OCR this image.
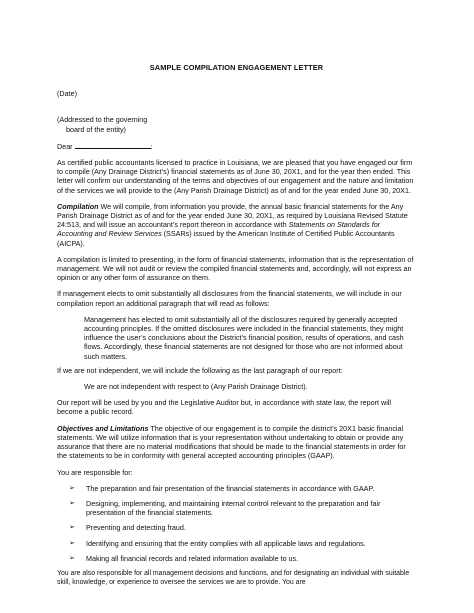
SAMPLE COMPILATION ENGAGEMENT LETTER

(Date)

(Addressed to the governing

board of the entity)

Dear	:

As certified public accountants licensed to practice in Louisiana, we are pleased that you have engaged our firm to compile (Any Drainage District’s) financial statements as of June 30, 20X1, and for the year then ended. This letter will confirm our understanding of the terms and objectives of our engagement and the nature and limitation of the services we will provide to the (Any Parish Drainage District) as of and for the year ended June 30, 20X1.

Compilation We will compile, from information you provide, the annual basic financial statements for the Any Parish Drainage District as of and for the year ended June 30, 20X1, as required by Louisiana Revised Statute 24:513, and will issue an accountant’s report thereon in accordance with Statements on Standards for Accounting and Review Services (SSARs) issued by the American Institute of Certified Public Accountants (AICPA).

A compilation is limited to presenting, in the form of financial statements, information that is the representation of management. We will not audit or review the compiled financial statements and, accordingly, will not express an opinion or any other form of assurance on them.

If management elects to omit substantially all disclosures from the financial statements, we will include in our compilation report an additional paragraph that will read as follows:

Management has elected to omit substantially all of the disclosures required by generally accepted accounting principles. If the omitted disclosures were included in the financial statements, they might influence the user’s conclusions about the District’s financial position, results of operations, and cash flows. Accordingly, these financial statements are not designed for those who are not informed about such matters.

If we are not independent, we will include the following as the last paragraph of our report:

We are not independent with respect to (Any Parish Drainage District).

Our report will be used by you and the Legislative Auditor but, in accordance with state law, the report will become a public record.

Objectives and Limitations The objective of our engagement is to compile the district’s 20X1 basic financial statements. We will utilize information that is your representation without undertaking to obtain or provide any assurance that there are no material modifications that should be made to the financial statements in order for the statements to be in conformity with general accepted accounting principles (GAAP).

You are responsible for:

➢ The preparation and fair presentation of the financial statements in accordance with GAAP.
➢ Designing, implementing, and maintaining internal control relevant to the preparation and fair presentation of the financial statements.
➢ Preventing and detecting fraud.
➢ Identifying and ensuring that the entity complies with all applicable laws and regulations.
➢ Making all financial records and related information available to us.

You are also responsible for all management decisions and functions, and for designating an individual with suitable skill, knowledge, or experience to oversee the services we are to provide. You are
